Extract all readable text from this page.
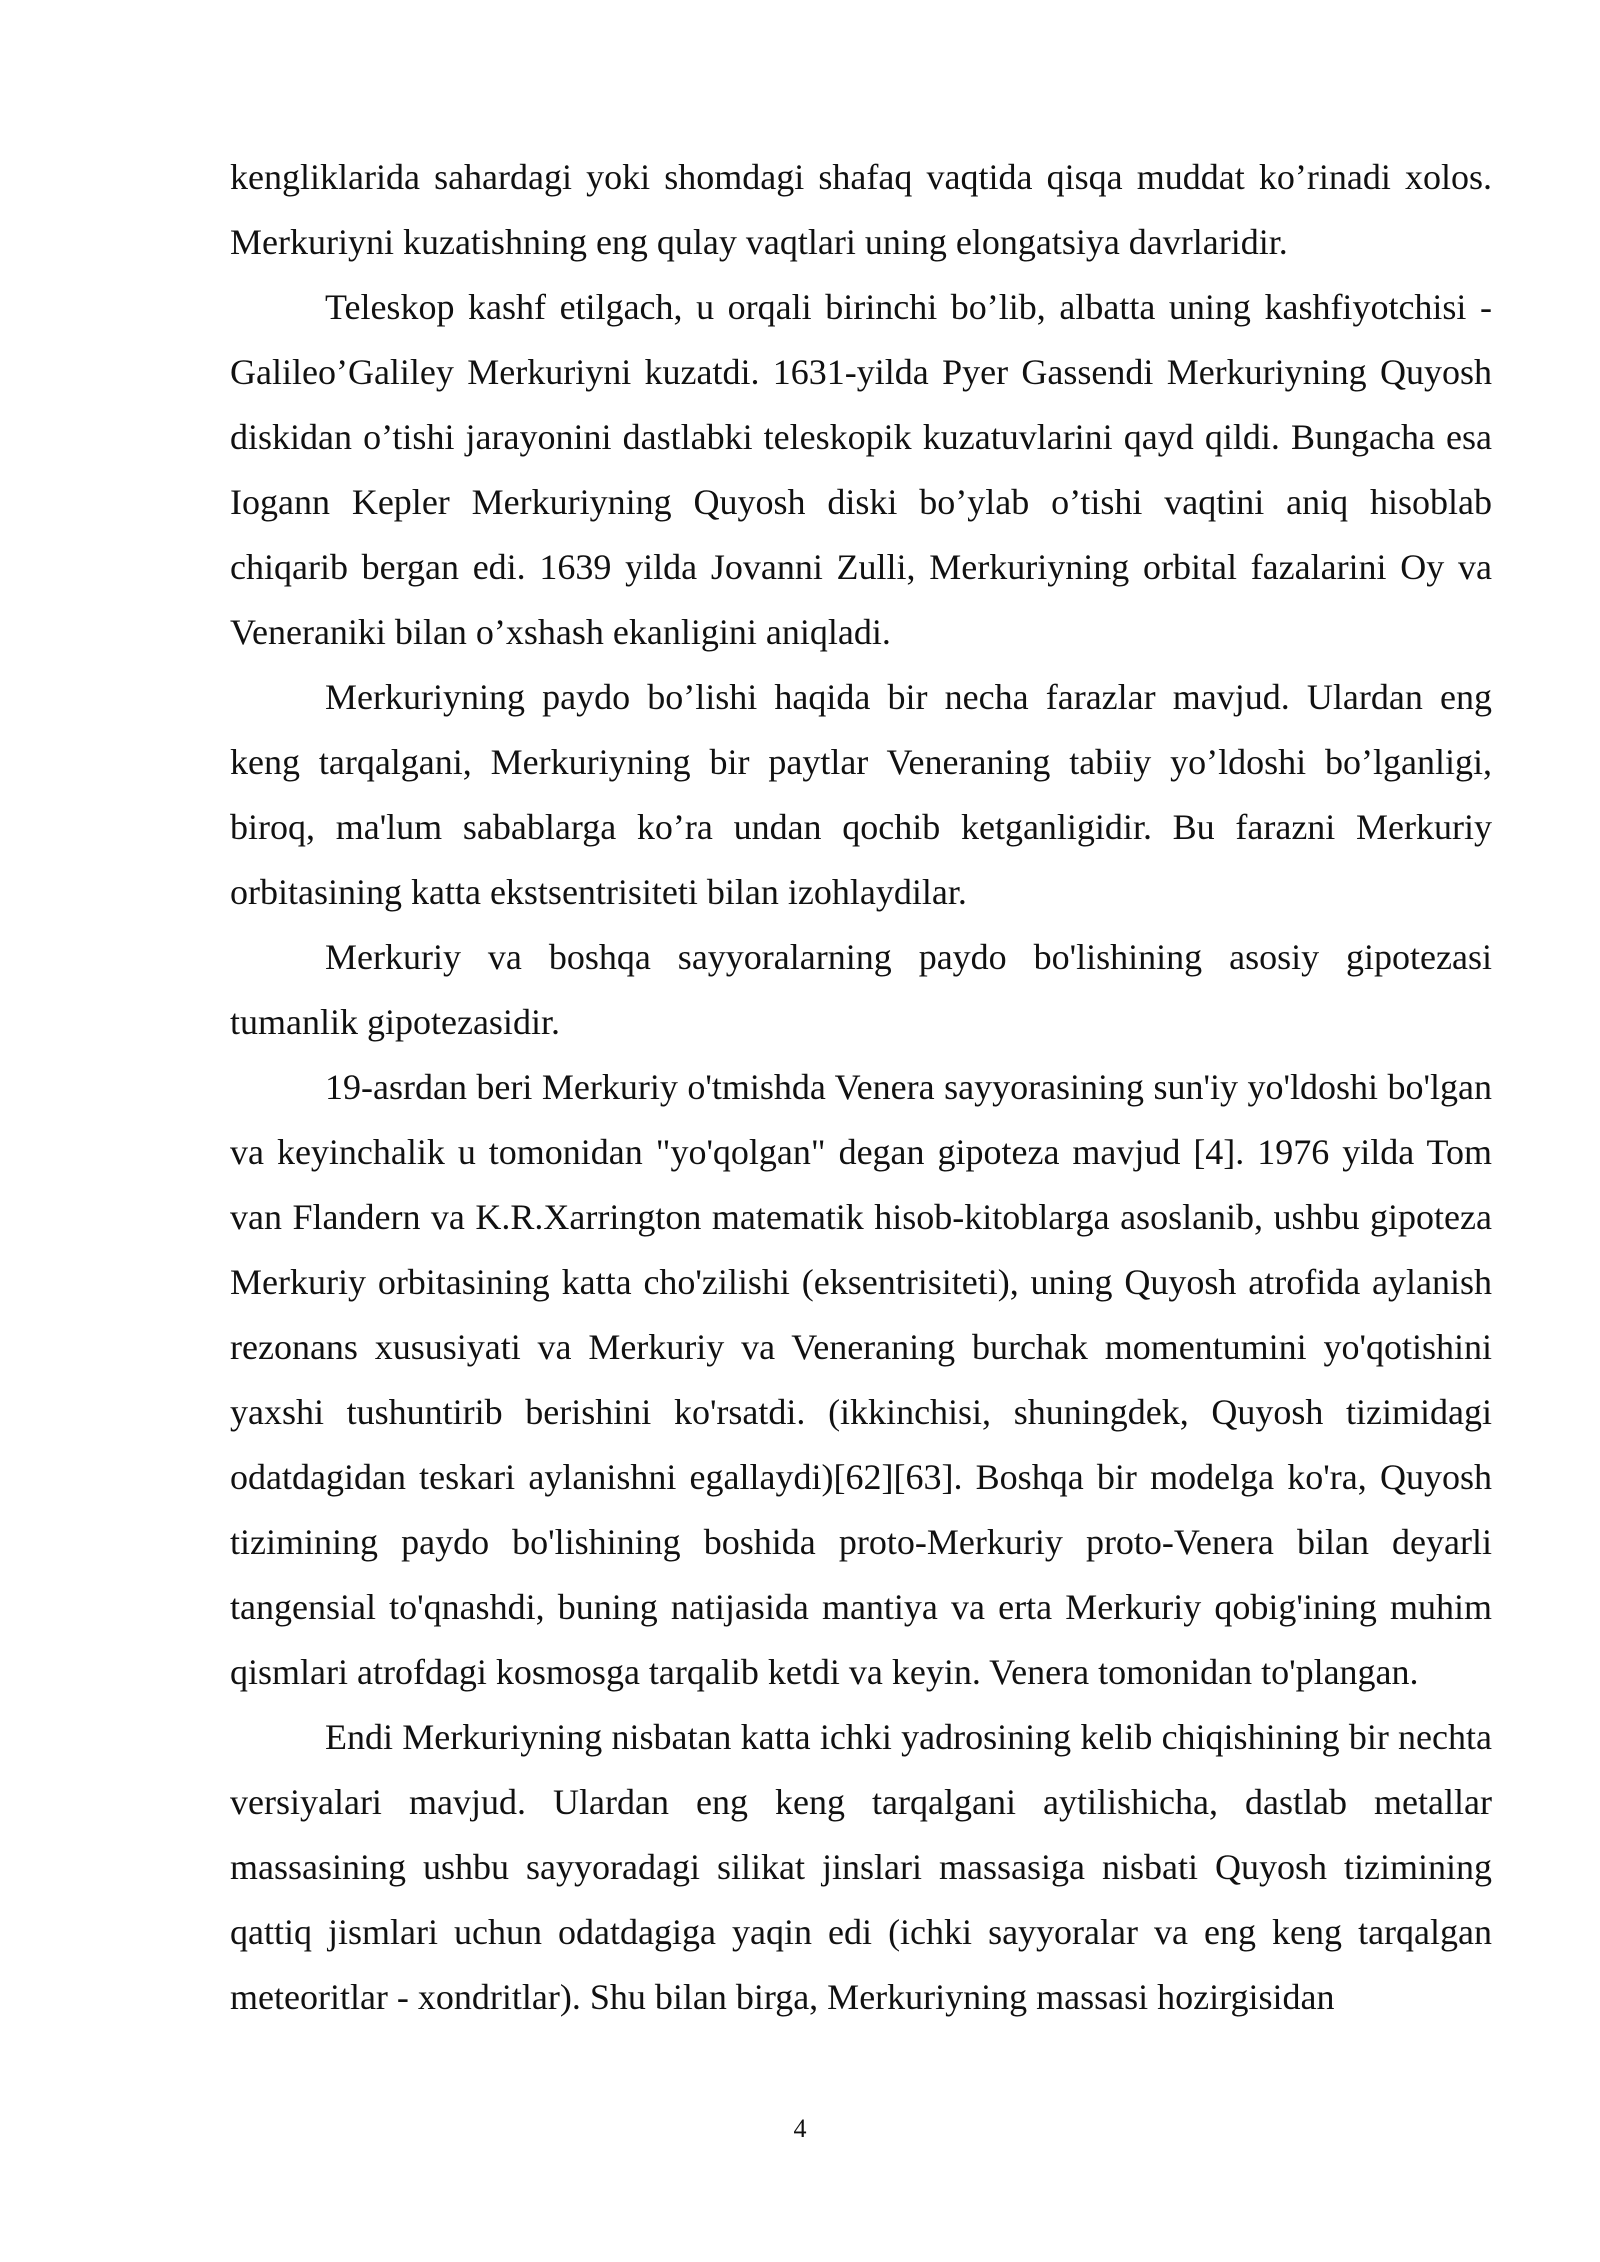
kengliklarida sahardagi yoki shomdagi shafaq vaqtida qisqa muddat ko’rinadi xolos. Merkuriyni kuzatishning eng qulay vaqtlari uning elongatsiya davrlaridir.

Teleskop kashf etilgach, u orqali birinchi bo’lib, albatta uning kashfiyotchisi - Galileo’Galiley Merkuriyni kuzatdi. 1631-yilda Pyer Gassendi Merkuriyning Quyosh diskidan o’tishi jarayonini dastlabki teleskopik kuzatuvlarini qayd qildi. Bungacha esa Iogann Kepler Merkuriyning Quyosh diski bo’ylab o’tishi vaqtini aniq hisoblab chiqarib bergan edi. 1639 yilda Jovanni Zulli, Merkuriyning orbital fazalarini Oy va Veneraniki bilan o’xshash ekanligini aniqladi.

Merkuriyning paydo bo’lishi haqida bir necha farazlar mavjud. Ulardan eng keng tarqalgani, Merkuriyning bir paytlar Veneraning tabiiy yo’ldoshi bo’lganligi, biroq, ma'lum sabablarga ko’ra undan qochib ketganligidir. Bu farazni Merkuriy orbitasining katta ekstsentrisiteti bilan izohlaydilar.

Merkuriy va boshqa sayyoralarning paydo bo'lishining asosiy gipotezasi tumanlik gipotezasidir.

19-asrdan beri Merkuriy o'tmishda Venera sayyorasining sun'iy yo'ldoshi bo'lgan va keyinchalik u tomonidan "yo'qolgan" degan gipoteza mavjud [4]. 1976 yilda Tom van Flandern va K.R.Xarrington matematik hisob-kitoblarga asoslanib, ushbu gipoteza Merkuriy orbitasining katta cho'zilishi (eksentrisiteti), uning Quyosh atrofida aylanish rezonans xususiyati va Merkuriy va Veneraning burchak momentumini yo'qotishini yaxshi tushuntirib berishini ko'rsatdi. (ikkinchisi, shuningdek, Quyosh tizimidagi odatdagidan teskari aylanishni egallaydi)[62][63]. Boshqa bir modelga ko'ra, Quyosh tizimining paydo bo'lishining boshida proto-Merkuriy proto-Venera bilan deyarli tangensial to'qnashdi, buning natijasida mantiya va erta Merkuriy qobig'ining muhim qismlari atrofdagi kosmosga tarqalib ketdi va keyin. Venera tomonidan to'plangan.

Endi Merkuriyning nisbatan katta ichki yadrosining kelib chiqishining bir nechta versiyalari mavjud. Ulardan eng keng tarqalgani aytilishicha, dastlab metallar massasining ushbu sayyoradagi silikat jinslari massasiga nisbati Quyosh tizimining qattiq jismlari uchun odatdagiga yaqin edi (ichki sayyoralar va eng keng tarqalgan meteoritlar - xondritlar). Shu bilan birga, Merkuriyning massasi hozirgisidan

4
